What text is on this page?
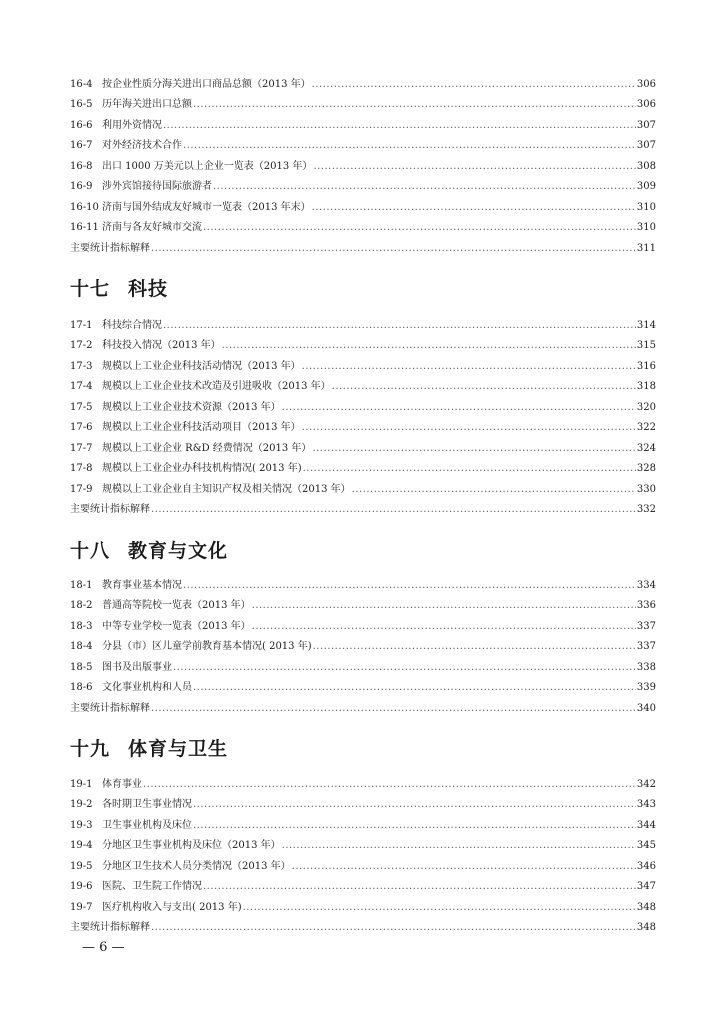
16-4 按企业性质分海关进出口商品总额（2013 年） .....	306
16-5 历年海关进出口总额 .....	306
16-6 利用外资情况 .....	307
16-7 对外经济技术合作 .....	307
16-8 出口 1000 万美元以上企业一览表（2013 年） .....	308
16-9 涉外宾馆接待国际旅游者 .....	309
16-10 济南与国外结成友好城市一览表（2013 年末） .....	310
16-11 济南与各友好城市交流 .....	310
主要统计指标解释 .....	311
十七 科技
17-1 科技综合情况 .....	314
17-2 科技投入情况（2013 年） .....	315
17-3 规模以上工业企业科技活动情况（2013 年） .....	316
17-4 规模以上工业企业技术改造及引进吸收（2013 年） .....	318
17-5 规模以上工业企业技术资源（2013 年） .....	320
17-6 规模以上工业企业科技活动项目（2013 年） .....	322
17-7 规模以上工业企业 R&D 经费情况（2013 年） .....	324
17-8 规模以上工业企业办科技机构情况( 2013 年) .....	328
17-9 规模以上工业企业自主知识产权及相关情况（2013 年） .....	330
主要统计指标解释 .....	332
十八 教育与文化
18-1 教育事业基本情况 .....	334
18-2 普通高等院校一览表（2013 年） .....	336
18-3 中等专业学校一览表（2013 年） .....	337
18-4 分县（市）区儿童学前教育基本情况( 2013 年) .....	337
18-5 图书及出版事业 .....	338
18-6 文化事业机构和人员 .....	339
主要统计指标解释 .....	340
十九 体育与卫生
19-1 体育事业 .....	342
19-2 各时期卫生事业情况 .....	343
19-3 卫生事业机构及床位 .....	344
19-4 分地区卫生事业机构及床位（2013 年） .....	345
19-5 分地区卫生技术人员分类情况（2013 年） .....	346
19-6 医院、卫生院工作情况 .....	347
19-7 医疗机构收入与支出( 2013 年) .....	348
主要统计指标解释 .....	348
— 6 —
